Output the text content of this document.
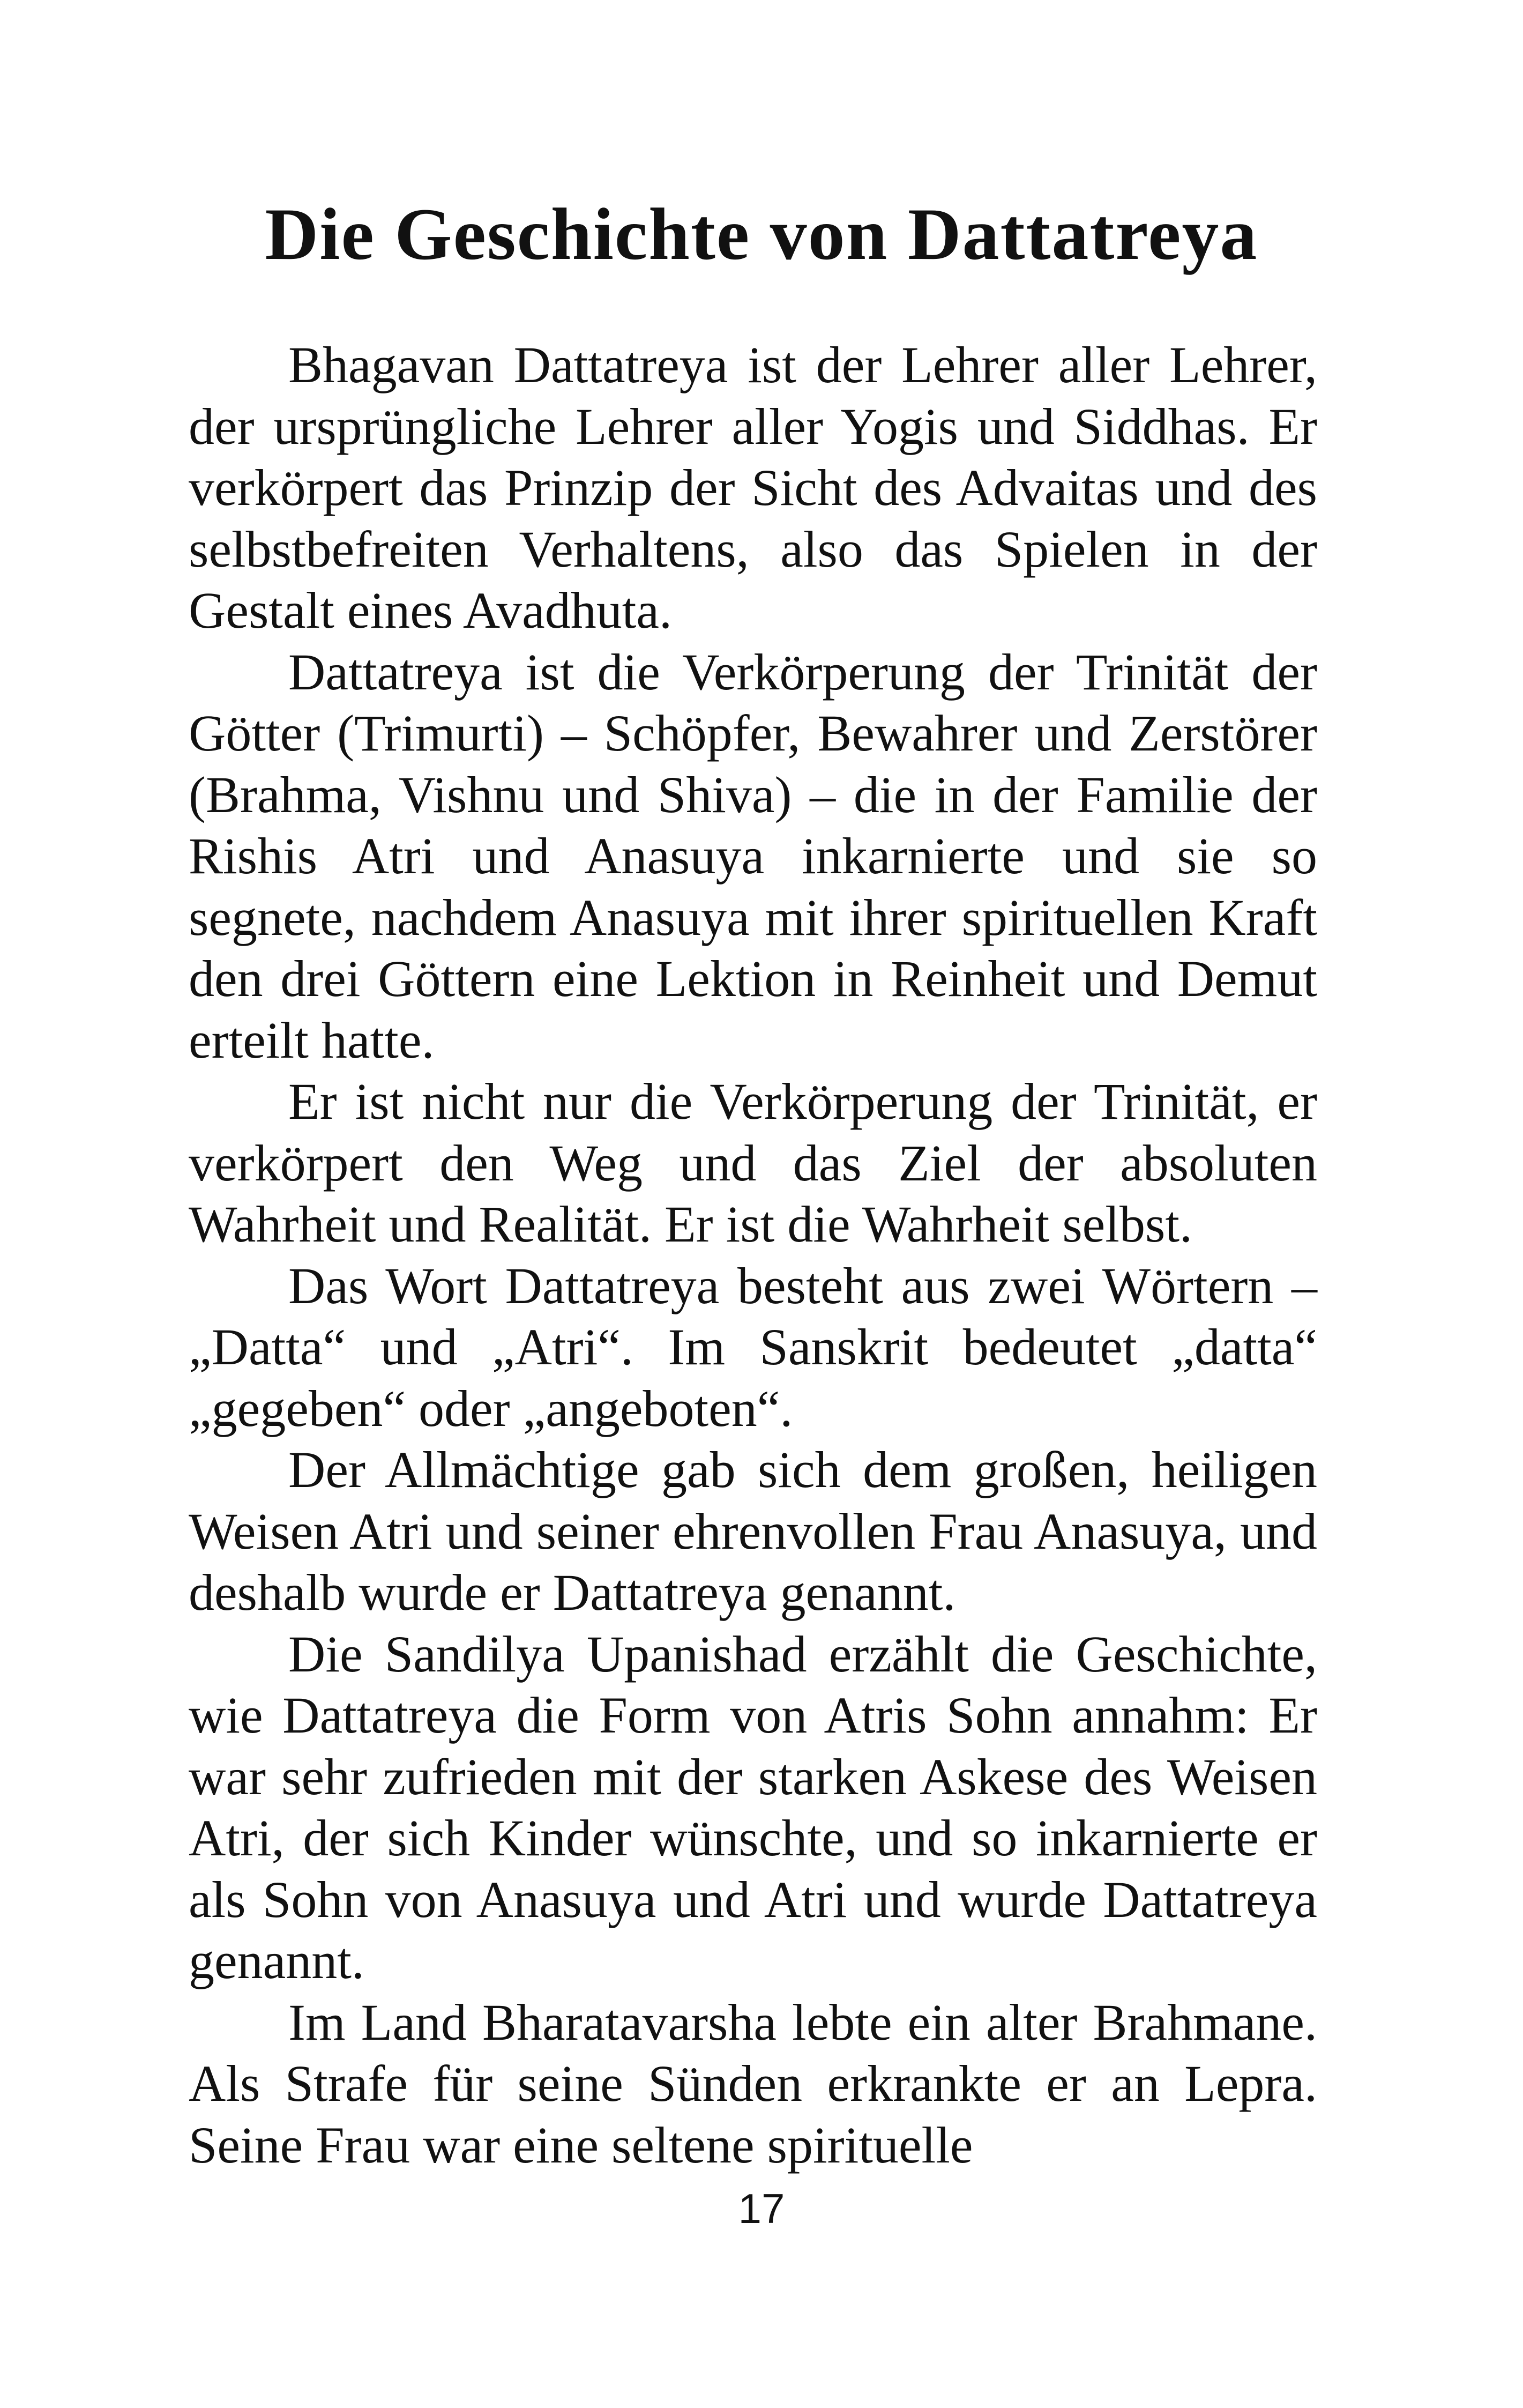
Die Geschichte von Dattatreya

Bhagavan Dattatreya ist der Lehrer aller Lehrer, der ursprüngliche Lehrer aller Yogis und Siddhas. Er verkörpert das Prinzip der Sicht des Advaitas und des selbstbefreiten Verhaltens, also das Spielen in der Gestalt eines Avadhuta.

Dattatreya ist die Verkörperung der Trinität der Götter (Trimurti) – Schöpfer, Bewahrer und Zerstörer (Brahma, Vishnu und Shiva) – die in der Familie der Rishis Atri und Anasuya inkarnierte und sie so segnete, nachdem Anasuya mit ihrer spirituellen Kraft den drei Göttern eine Lektion in Reinheit und Demut erteilt hatte.

Er ist nicht nur die Verkörperung der Trinität, er verkörpert den Weg und das Ziel der absoluten Wahrheit und Realität. Er ist die Wahrheit selbst.

Das Wort Dattatreya besteht aus zwei Wörtern – „Datta“ und „Atri“. Im Sanskrit bedeutet „datta“ „gegeben“ oder „angeboten“.

Der Allmächtige gab sich dem großen, heiligen Weisen Atri und seiner ehrenvollen Frau Anasuya, und deshalb wurde er Dattatreya genannt.

Die Sandilya Upanishad erzählt die Geschichte, wie Dattatreya die Form von Atris Sohn annahm: Er war sehr zufrieden mit der starken Askese des Weisen Atri, der sich Kinder wünschte, und so inkarnierte er als Sohn von Anasuya und Atri und wurde Dattatreya genannt.

Im Land Bharatavarsha lebte ein alter Brahmane. Als Strafe für seine Sünden erkrankte er an Lepra. Seine Frau war eine seltene spirituelle

17
